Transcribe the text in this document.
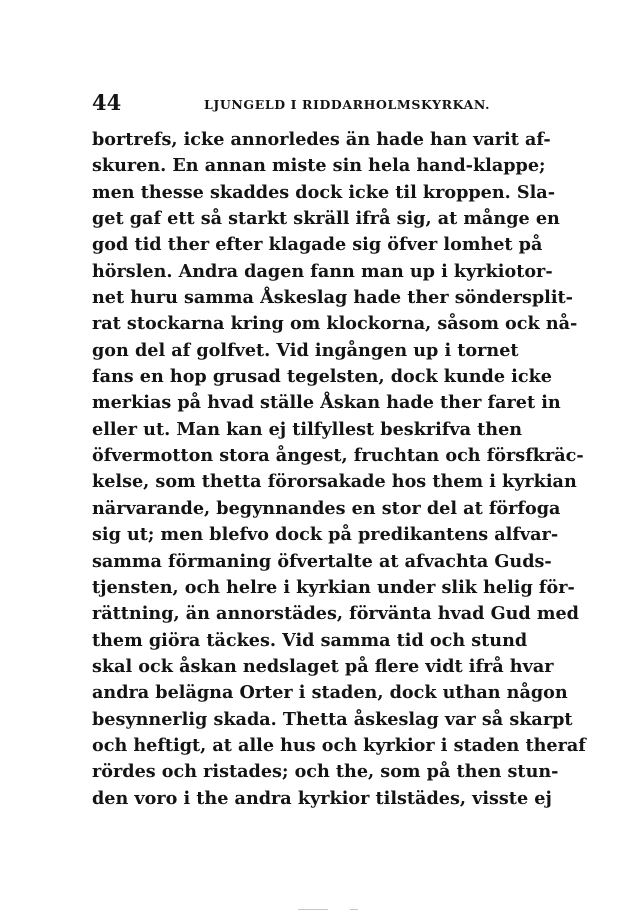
44	LJUNGELD I RIDDARHOLMSKYRKAN.
bortrefs, icke annorledes än hade han varit af-
skuren. En annan miste sin hela hand-klappe;
men thesse skaddes dock icke til kroppen. Sla-
get gaf ett så starkt skräll ifrå sig, at månge en
god tid ther efter klagade sig öfver lomhet på
hörslen. Andra dagen fann man up i kyrkiotor-
net huru samma Åskeslag hade ther söndersplit-
rat stockarna kring om klockorna, såsom ock nå-
gon del af golfvet. Vid ingången up i tornet
fans en hop grusad tegelsten, dock kunde icke
merkias på hvad ställe Åskan hade ther faret in
eller ut. Man kan ej tilfyllest beskrifva then
öfvermotton stora ångest, fruchtan och försfkräc-
kelse, som thetta förorsakade hos them i kyrkian
närvarande, begynnandes en stor del at förfoga
sig ut; men blefvo dock på predikantens alfvar-
samma förmaning öfvertalte at afvachta Guds-
tjensten, och helre i kyrkian under slik helig för-
rättning, än annorstädes, förvänta hvad Gud med
them giöra täckes. Vid samma tid och stund
skal ock åskan nedslaget på flere vidt ifrå hvar
andra belägna Orter i staden, dock uthan någon
besynnerlig skada. Thetta åskeslag var så skarpt
och heftigt, at alle hus och kyrkior i staden theraf
rördes och ristades; och the, som på then stun-
den voro i the andra kyrkior tilstädes, visste ej
